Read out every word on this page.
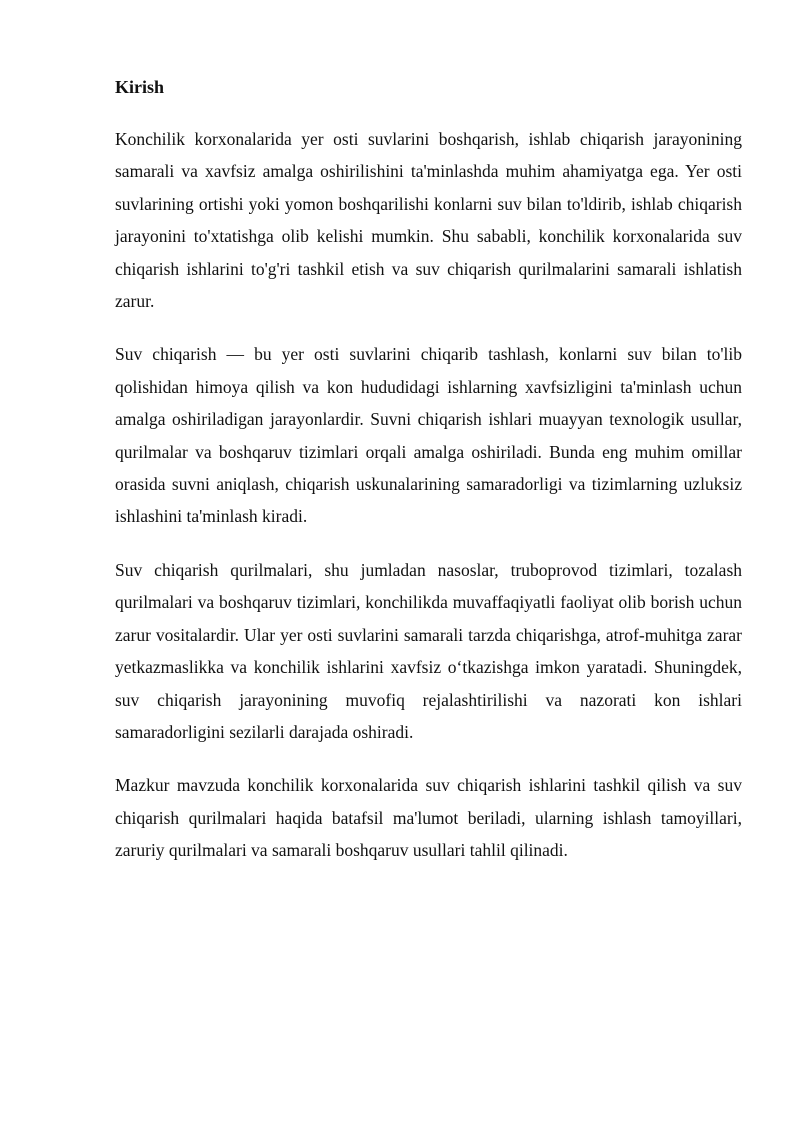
Kirish

Konchilik korxonalarida yer osti suvlarini boshqarish, ishlab chiqarish jarayonining samarali va xavfsiz amalga oshirilishini ta'minlashda muhim ahamiyatga ega. Yer osti suvlarining ortishi yoki yomon boshqarilishi konlarni suv bilan to'ldirib, ishlab chiqarish jarayonini to'xtatishga olib kelishi mumkin. Shu sababli, konchilik korxonalarida suv chiqarish ishlarini to'g'ri tashkil etish va suv chiqarish qurilmalarini samarali ishlatish zarur.

Suv chiqarish — bu yer osti suvlarini chiqarib tashlash, konlarni suv bilan to'lib qolishidan himoya qilish va kon hududidagi ishlarning xavfsizligini ta'minlash uchun amalga oshiriladigan jarayonlardir. Suvni chiqarish ishlari muayyan texnologik usullar, qurilmalar va boshqaruv tizimlari orqali amalga oshiriladi. Bunda eng muhim omillar orasida suvni aniqlash, chiqarish uskunalarining samaradorligi va tizimlarning uzluksiz ishlashini ta'minlash kiradi.

Suv chiqarish qurilmalari, shu jumladan nasoslar, truboprovod tizimlari, tozalash qurilmalari va boshqaruv tizimlari, konchilikda muvaffaqiyatli faoliyat olib borish uchun zarur vositalardir. Ular yer osti suvlarini samarali tarzda chiqarishga, atrof-muhitga zarar yetkazmaslikka va konchilik ishlarini xavfsiz o‘tkazishga imkon yaratadi. Shuningdek, suv chiqarish jarayonining muvofiq rejalashtirilishi va nazorati kon ishlari samaradorligini sezilarli darajada oshiradi.

Mazkur mavzuda konchilik korxonalarida suv chiqarish ishlarini tashkil qilish va suv chiqarish qurilmalari haqida batafsil ma'lumot beriladi, ularning ishlash tamoyillari, zaruriy qurilmalari va samarali boshqaruv usullari tahlil qilinadi.
